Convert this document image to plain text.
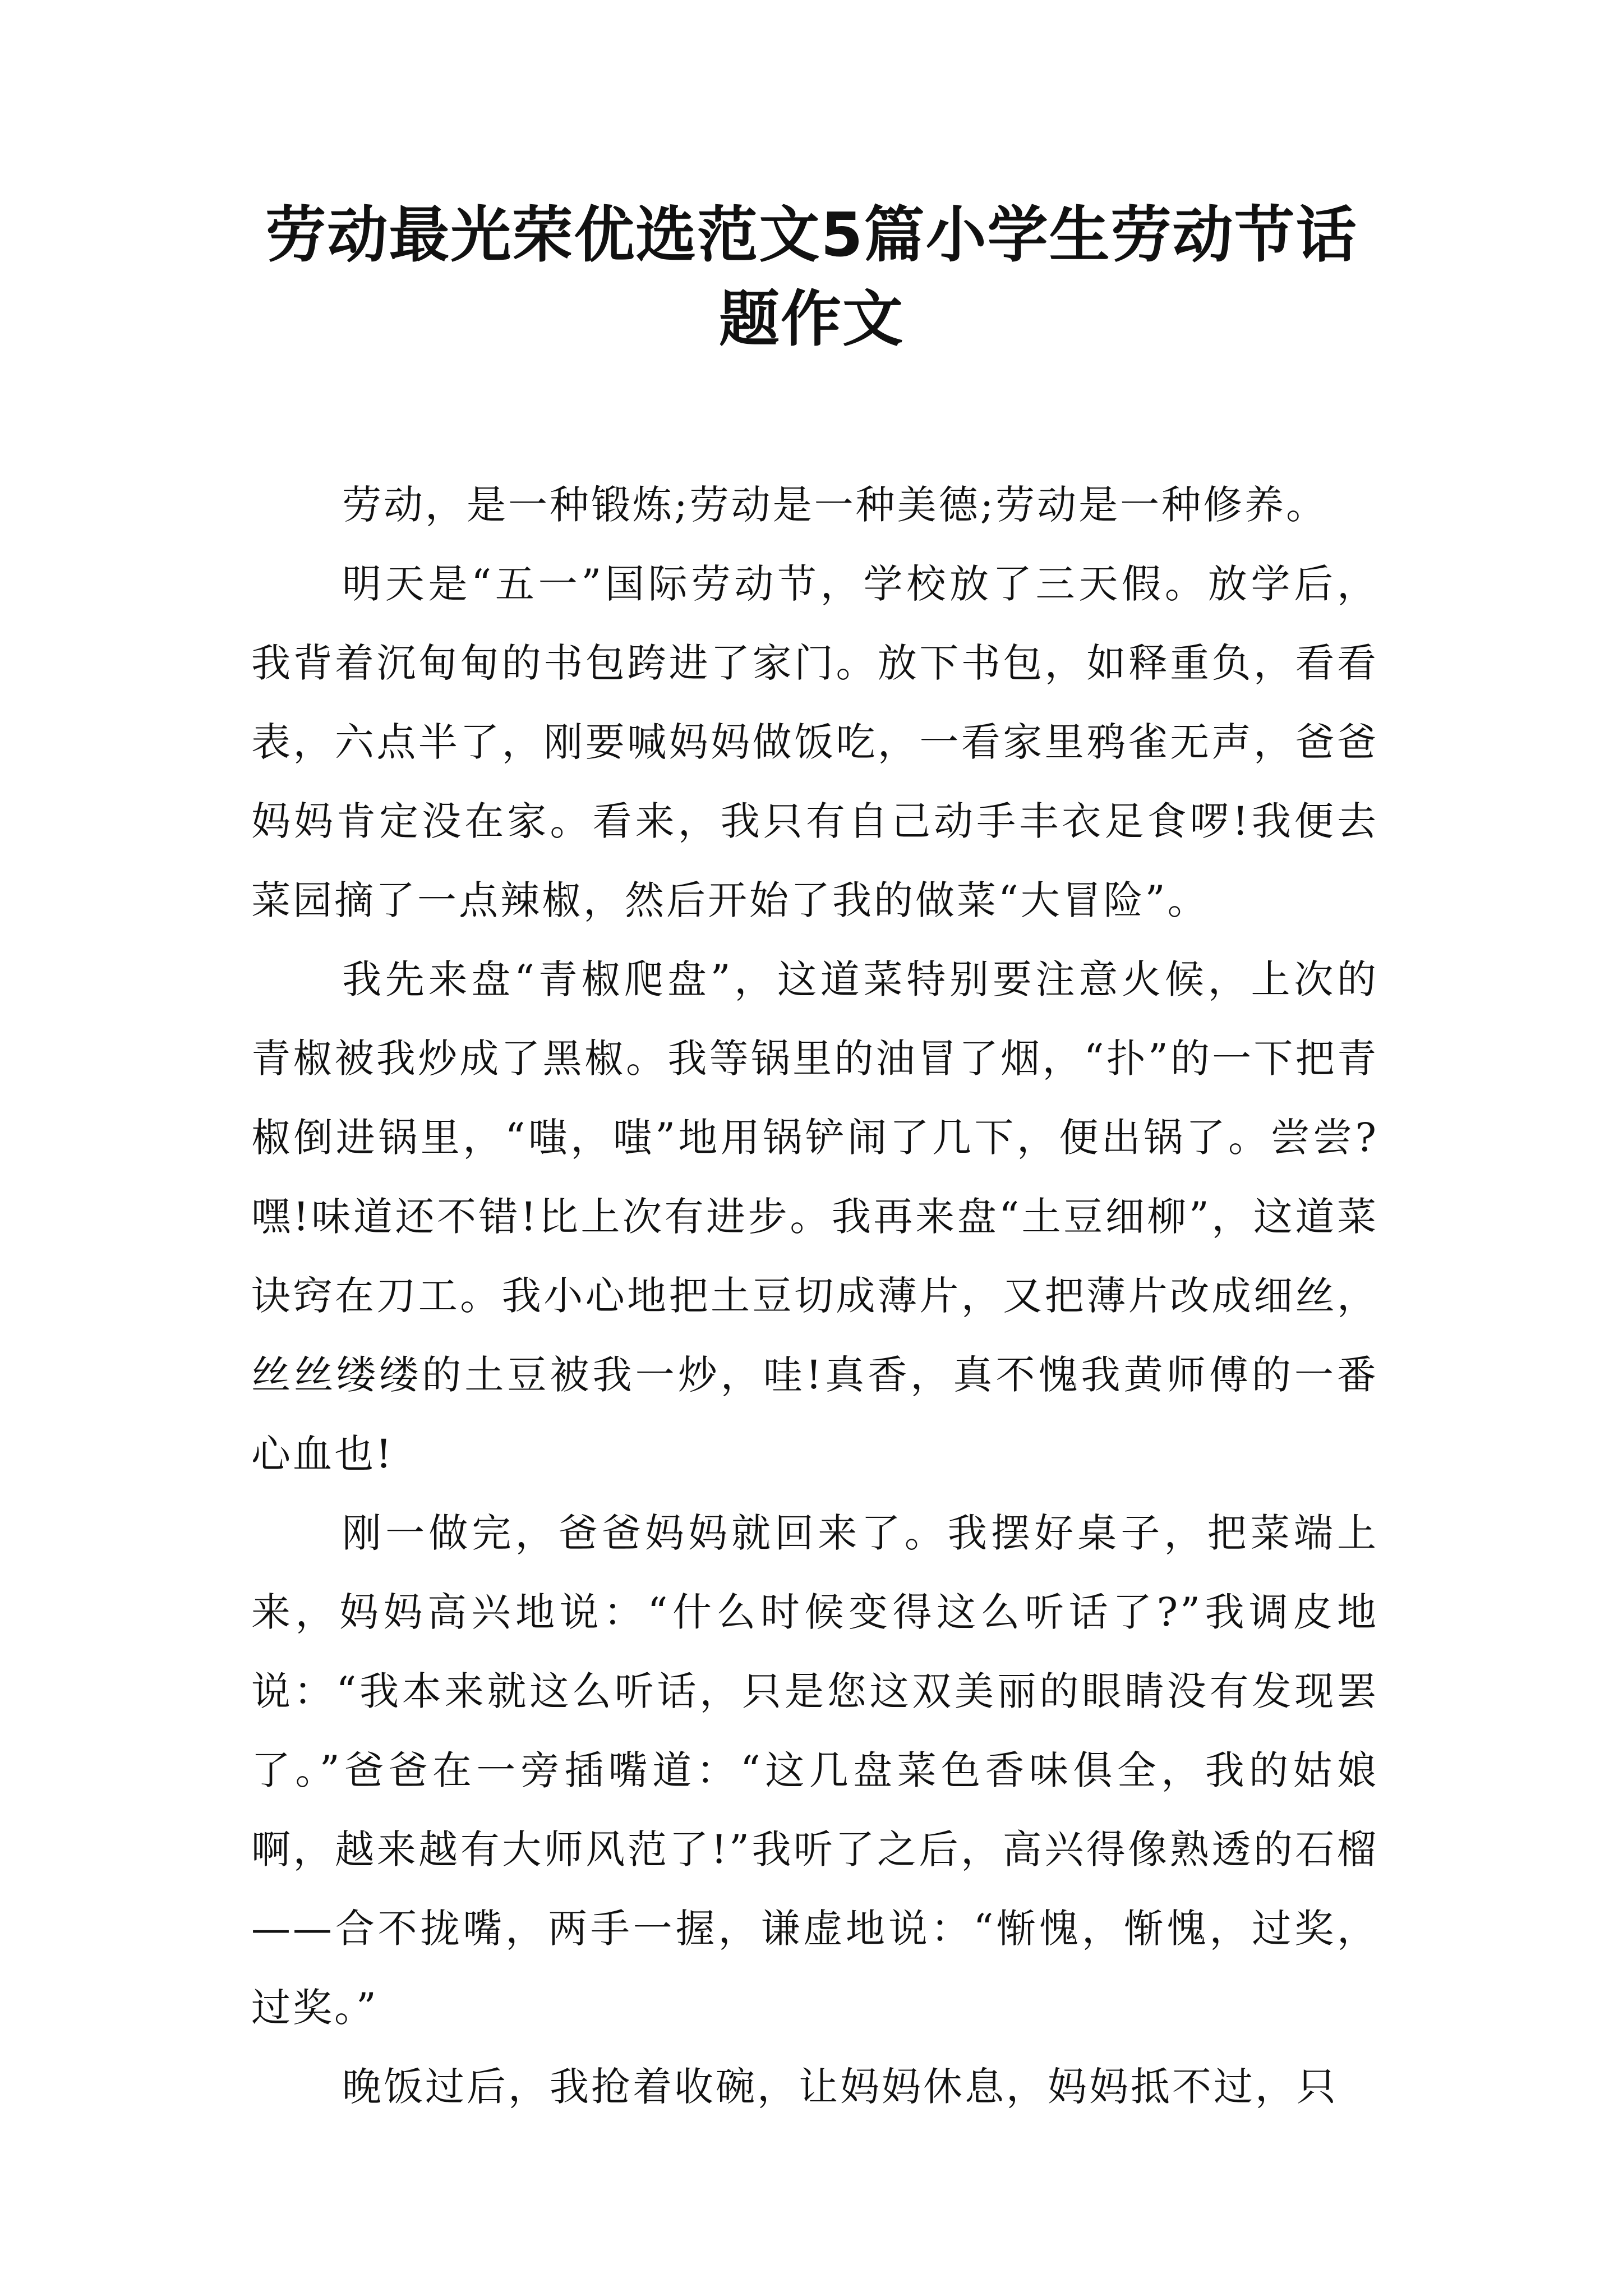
劳动最光荣优选范文5篇小学生劳动节话题作文

劳动，是一种锻炼;劳动是一种美德;劳动是一种修养。

明天是“五一”国际劳动节，学校放了三天假。放学后，我背着沉甸甸的书包跨进了家门。放下书包，如释重负，看看表，六点半了，刚要喊妈妈做饭吃，一看家里鸦雀无声，爸爸妈妈肯定没在家。看来，我只有自己动手丰衣足食啰!我便去菜园摘了一点辣椒，然后开始了我的做菜“大冒险”。

我先来盘“青椒爬盘”，这道菜特别要注意火候，上次的青椒被我炒成了黑椒。我等锅里的油冒了烟，“扑”的一下把青椒倒进锅里，“嗤，嗤”地用锅铲闹了几下，便出锅了。尝尝?嘿!味道还不错!比上次有进步。我再来盘“土豆细柳”，这道菜诀窍在刀工。我小心地把土豆切成薄片，又把薄片改成细丝，丝丝缕缕的土豆被我一炒，哇!真香，真不愧我黄师傅的一番心血也!

刚一做完，爸爸妈妈就回来了。我摆好桌子，把菜端上来，妈妈高兴地说：“什么时候变得这么听话了?”我调皮地说：“我本来就这么听话，只是您这双美丽的眼睛没有发现罢了。”爸爸在一旁插嘴道：“这几盘菜色香味俱全，我的姑娘啊，越来越有大师风范了!”我听了之后，高兴得像熟透的石榴——合不拢嘴，两手一握，谦虚地说：“惭愧，惭愧，过奖，过奖。”

晚饭过后，我抢着收碗，让妈妈休息，妈妈抵不过，只
